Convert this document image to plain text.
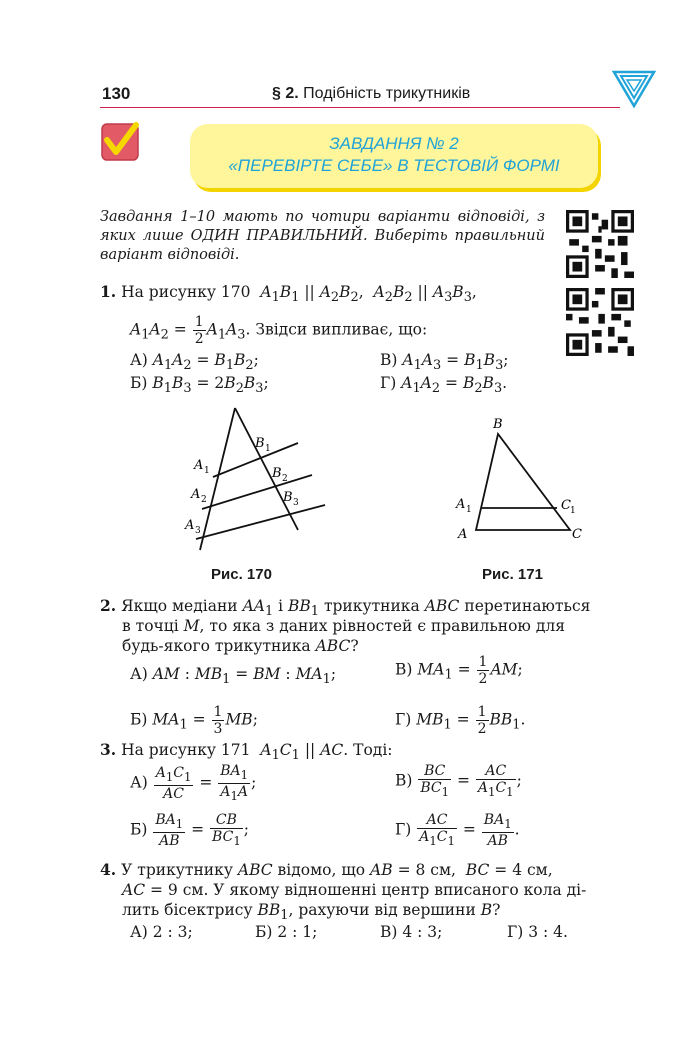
130	§ 2. Подібність трикутників
ЗАВДАННЯ № 2
«ПЕРЕВІРТЕ СЕБЕ» В ТЕСТОВІЙ ФОРМІ
Завдання 1–10 мають по чотири варіанти відповіді, з яких лише ОДИН ПРАВИЛЬНИЙ. Виберіть правильний варіант відповіді.
1. На рисунку 170 $A_1B_1$ || $A_2B_2$,  $A_2B_2$ || $A_3B_3$,
$A_1A_2 = \frac{1}{2} A_1A_3$. Звідси випливає, що:
А) $A_1A_2 = B_1B_2$;	В) $A_1A_3 = B_1B_3$;
Б) $B_1B_3 = 2B_2B_3$;	Г) $A_1A_2 = B_2B_3$.
A 1
A 2
A 3
B 1
B 2
B 3
Рис. 170
B
A 1	C 1
A	C
Рис. 171
2. Якщо медіани $AA_1$ і $BB_1$ трикутника ABC перетинаються
в точці M, то яка з даних рівностей є правильною для
будь-якого трикутника ABC?
А) AM : $MB_1$ = BM : $MA_1$;	В) $MA_1 = \frac{1}{2}$ AM;
Б) $MA_1 = \frac{1}{3}$ MB;	Г) $MB_1 = \frac{1}{2} BB_1$.
3. На рисунку 171 $A_1C_1$ || AC. Тоді:
$А) \frac{A_1C_1}{AC} = \frac{BA_1}{A_1A}$ ;	$В) \frac{BC}{BC_1} = \frac{AC}{A_1C_1}$ ;
$Б) \frac{BA_1}{AB} = \frac{CB}{BC_1}$ ;	$Г) \frac{AC}{A_1C_1} = \frac{BA_1}{AB}$ .
4. У трикутнику ABC відомо, що AB = 8 см, BC = 4 см,
AC = 9 см. У якому відношенні центр вписаного кола ді-
лить бісектрису $BB_1$, рахуючи від вершини B?
А) 2 : 3;	Б) 2 : 1;	В) 4 : 3;	Г) 3 : 4.
